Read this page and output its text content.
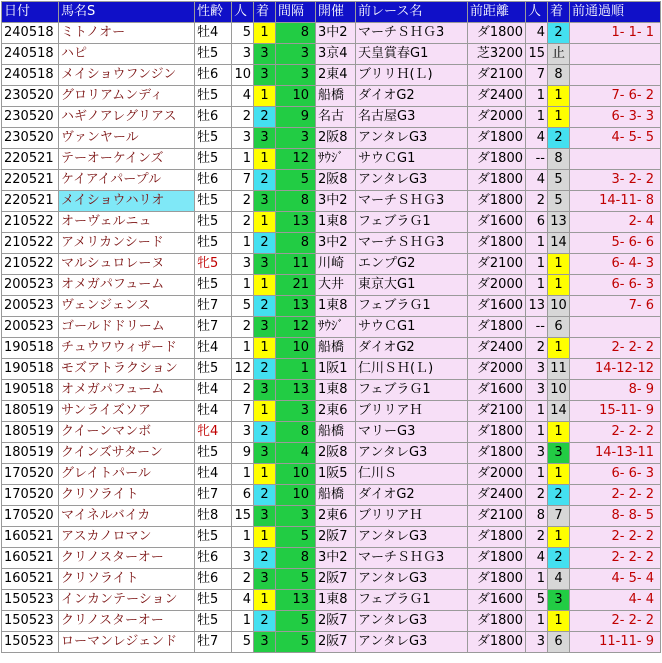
日付	馬名S	性齢	人	着	間隔	開催	前レース名	前距離	人	着	前通過順
240518	ミトノオー	牡4	5	1	8	3中2	マーチＳＨＧ3	ダ1800	4	2	1- 1- 1
240518	ハピ	牡5	3	3	3	3京4	天皇賞春G1	芝3200	15	止	
240518	メイショウフンジン	牡6	10	3	3	2東4	ブリリＨ(Ｌ)	ダ2100	7	8	
230520	グロリアムンディ	牡5	4	1	10	船橋	ダイオG2	ダ2400	1	1	7- 6- 2
230520	ハギノアレグリアス	牡6	2	2	9	名古	名古屋G3	ダ2000	1	1	6- 3- 3
230520	ヴァンヤール	牡5	3	3	3	2阪8	アンタレG3	ダ1800	4	2	4- 5- 5
220521	テーオーケインズ	牡5	1	1	12	ｻｳｼﾞ	サウＣG1	ダ1800	--	8	
220521	ケイアイパープル	牡6	7	2	5	2阪8	アンタレG3	ダ1800	4	5	3- 2- 2
220521	メイショウハリオ	牡5	2	3	8	3中2	マーチＳＨＧ3	ダ1800	2	5	14-11- 8
210522	オーヴェルニュ	牡5	2	1	13	1東8	フェブラＧ1	ダ1600	6	13	2- 4
210522	アメリカンシード	牡5	1	2	8	3中2	マーチＳＨＧ3	ダ1800	1	14	5- 6- 6
210522	マルシュロレーヌ	牝5	3	3	11	川崎	エンプG2	ダ2100	1	1	6- 4- 3
200523	オメガパフューム	牡5	1	1	21	大井	東京大G1	ダ2000	1	1	6- 6- 3
200523	ヴェンジェンス	牡7	5	2	13	1東8	フェブラＧ1	ダ1600	13	10	7- 6
200523	ゴールドドリーム	牡7	2	3	12	ｻｳｼﾞ	サウＣG1	ダ1800	--	6	
190518	チュウワウィザード	牡4	1	1	10	船橋	ダイオG2	ダ2400	2	1	2- 2- 2
190518	モズアトラクション	牡5	12	2	1	1阪1	仁川ＳＨ(Ｌ)	ダ2000	3	11	14-12-12
190518	オメガパフューム	牡4	2	3	13	1東8	フェブラＧ1	ダ1600	3	10	8- 9
180519	サンライズソア	牡4	7	1	3	2東6	ブリリアＨ	ダ2100	1	14	15-11- 9
180519	クイーンマンボ	牝4	3	2	8	船橋	マリーG3	ダ1800	1	1	2- 2- 2
180519	クインズサターン	牡5	9	3	4	2阪8	アンタレG3	ダ1800	3	3	14-13-11
170520	グレイトパール	牡4	1	1	10	1阪5	仁川Ｓ	ダ2000	1	1	6- 6- 3
170520	クリソライト	牡7	6	2	10	船橋	ダイオG2	ダ2400	2	2	2- 2- 2
170520	マイネルバイカ	牡8	15	3	3	2東6	ブリリアＨ	ダ2100	8	7	8- 8- 5
160521	アスカノロマン	牡5	1	1	5	2阪7	アンタレG3	ダ1800	2	1	2- 2- 2
160521	クリノスターオー	牡6	3	2	8	3中2	マーチＳＨＧ3	ダ1800	4	2	2- 2- 2
160521	クリソライト	牡6	2	3	5	2阪7	アンタレG3	ダ1800	1	4	4- 5- 4
150523	インカンテーション	牡5	4	1	13	1東8	フェブラＧ1	ダ1600	5	3	4- 4
150523	クリノスターオー	牡5	1	2	5	2阪7	アンタレG3	ダ1800	1	1	2- 2- 2
150523	ローマンレジェンド	牡7	5	3	5	2阪7	アンタレG3	ダ1800	3	6	11-11- 9
